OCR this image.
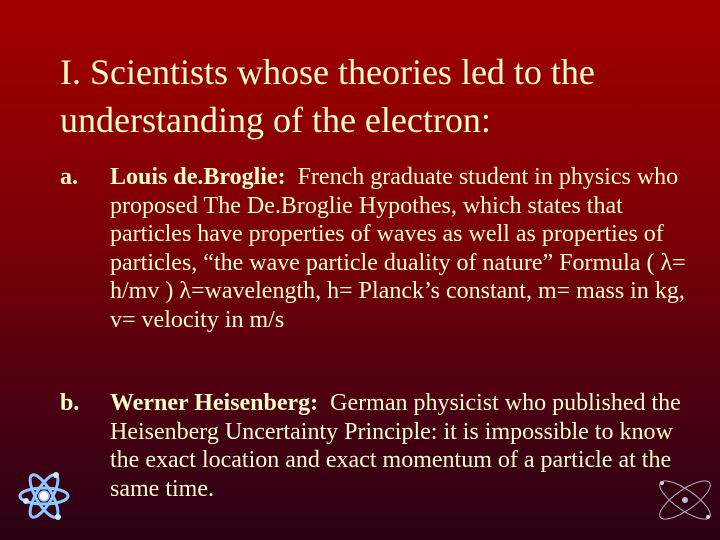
I. Scientists whose theories led to the understanding of the electron:
a. Louis de.Broglie: French graduate student in physics who proposed The De.Broglie Hypothes, which states that particles have properties of waves as well as properties of particles, “the wave particle duality of nature” Formula ( λ= h/mv ) λ=wavelength, h= Planck’s constant, m= mass in kg, v= velocity in m/s
b. Werner Heisenberg: German physicist who published the Heisenberg Uncertainty Principle: it is impossible to know the exact location and exact momentum of a particle at the same time.
